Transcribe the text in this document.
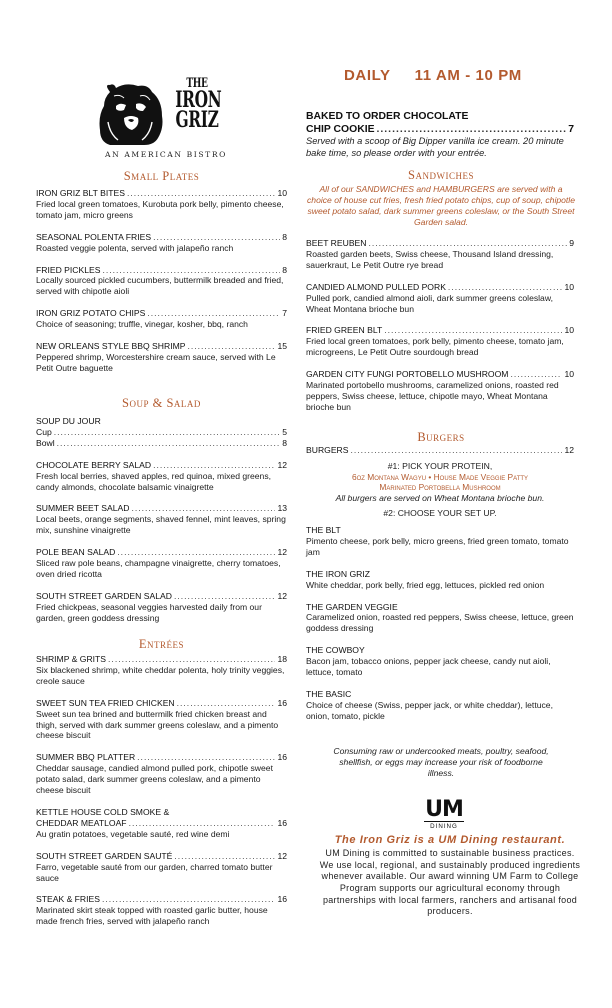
THE
IRON
GRIZ
AN AMERICAN BISTRO
Small Plates
IRON GRIZ BLT BITES .....	10
Fried local green tomatoes, Kurobuta pork belly, pimento cheese, tomato jam, micro greens
SEASONAL POLENTA FRIES .....	8
Roasted veggie polenta, served with jalapeño ranch
FRIED PICKLES .....	8
Locally sourced pickled cucumbers, buttermilk breaded and fried, served with chipotle aioli
IRON GRIZ POTATO CHIPS .....	7
Choice of seasoning; truffle, vinegar, kosher, bbq, ranch
NEW ORLEANS STYLE BBQ SHRIMP .....	15
Peppered shrimp, Worcestershire cream sauce, served with Le Petit Outre baguette
Soup & Salad
SOUP DU JOUR
Cup .....	5
Bowl .....	8
CHOCOLATE BERRY SALAD .....	12
Fresh local berries, shaved apples, red quinoa, mixed greens, candy almonds, chocolate balsamic vinaigrette
SUMMER BEET SALAD .....	13
Local beets, orange segments, shaved fennel, mint leaves, spring mix, sunshine vinaigrette
POLE BEAN SALAD .....	12
Sliced raw pole beans, champagne vinaigrette, cherry tomatoes, oven dried ricotta
SOUTH STREET GARDEN SALAD .....	12
Fried chickpeas, seasonal veggies harvested daily from our garden, green goddess dressing
Entrées
SHRIMP & GRITS .....	18
Six blackened shrimp, white cheddar polenta, holy trinity veggies, creole sauce
SWEET SUN TEA FRIED CHICKEN .....	16
Sweet sun tea brined and buttermilk fried chicken breast and thigh, served with dark summer greens coleslaw, and a pimento cheese biscuit
SUMMER BBQ PLATTER .....	16
Cheddar sausage, candied almond pulled pork, chipotle sweet potato salad, dark summer greens coleslaw, and a pimento cheese biscuit
KETTLE HOUSE COLD SMOKE &
CHEDDAR MEATLOAF .....	16
Au gratin potatoes, vegetable sauté, red wine demi
SOUTH STREET GARDEN SAUTÉ .....	12
Farro, vegetable sauté from our garden, charred tomato butter sauce
STEAK & FRIES .....	16
Marinated skirt steak topped with roasted garlic butter, house made french fries, served with jalapeño ranch
DAILY 11 AM - 10 PM
BAKED TO ORDER CHOCOLATE
CHIP COOKIE .....	7
Served with a scoop of Big Dipper vanilla ice cream. 20 minute bake time, so please order with your entrée.
Sandwiches
All of our SANDWICHES and HAMBURGERS are served with a choice of house cut fries, fresh fried potato chips, cup of soup, chipotle sweet potato salad, dark summer greens coleslaw, or the South Street Garden salad.
BEET REUBEN .....	9
Roasted garden beets, Swiss cheese, Thousand Island dressing, sauerkraut, Le Petit Outre rye bread
CANDIED ALMOND PULLED PORK .....	10
Pulled pork, candied almond aioli, dark summer greens coleslaw, Wheat Montana brioche bun
FRIED GREEN BLT .....	10
Fried local green tomatoes, pork belly, pimento cheese, tomato jam, microgreens, Le Petit Outre sourdough bread
GARDEN CITY FUNGI PORTOBELLO MUSHROOM .....	10
Marinated portobello mushrooms, caramelized onions, roasted red peppers, Swiss cheese, lettuce, chipotle mayo, Wheat Montana brioche bun
Burgers
BURGERS .....	12
#1: PICK YOUR PROTEIN,
6oz Montana Wagyu • House Made Veggie Patty
Marinated Portobella Mushroom
All burgers are served on Wheat Montana brioche bun.
#2: CHOOSE YOUR SET UP.
THE BLT
Pimento cheese, pork belly, micro greens, fried green tomato, tomato jam
THE IRON GRIZ
White cheddar, pork belly, fried egg, lettuces, pickled red onion
THE GARDEN VEGGIE
Caramelized onion, roasted red peppers, Swiss cheese, lettuce, green goddess dressing
THE COWBOY
Bacon jam, tobacco onions, pepper jack cheese, candy nut aioli, lettuce, tomato
THE BASIC
Choice of cheese (Swiss, pepper jack, or white cheddar), lettuce, onion, tomato, pickle
Consuming raw or undercooked meats, poultry, seafood, shellfish, or eggs may increase your risk of foodborne illness.
UM
DINING
The Iron Griz is a UM Dining restaurant.
UM Dining is committed to sustainable business practices. We use local, regional, and sustainably produced ingredients whenever available. Our award winning UM Farm to College Program supports our agricultural economy through partnerships with local farmers, ranchers and artisanal food producers.
